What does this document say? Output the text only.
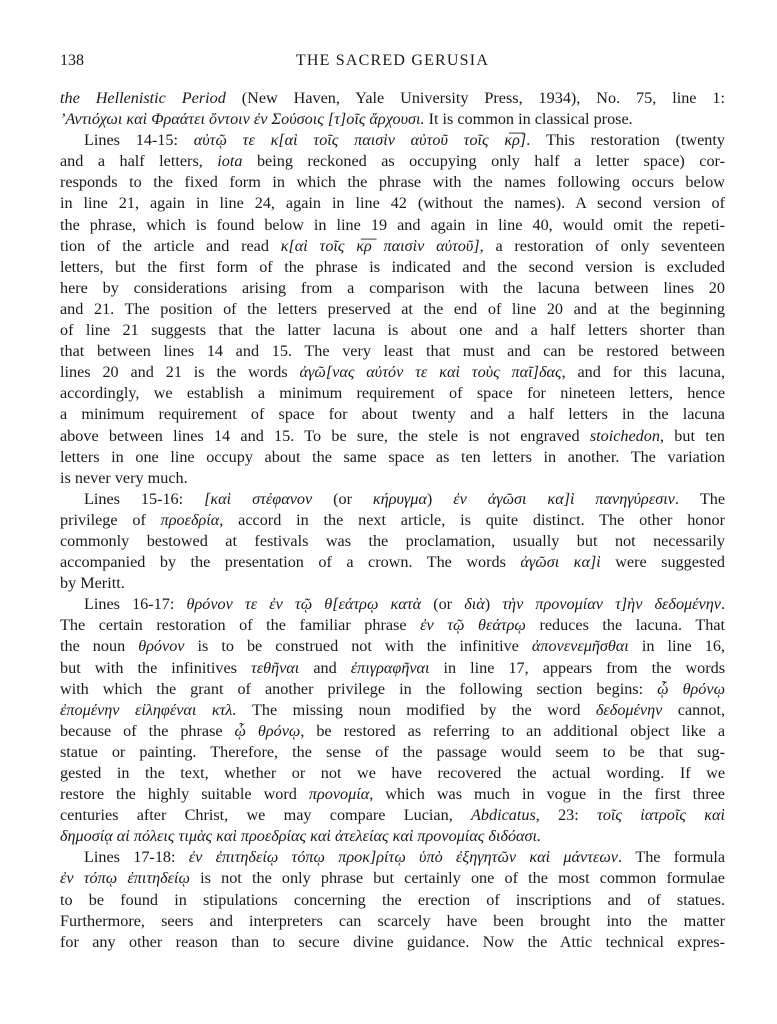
138	THE SACRED GERUSIA
the Hellenistic Period (New Haven, Yale University Press, 1934), No. 75, line 1:
ʼΑντιόχωι καὶ Φραάτει ὄντοιν ἐν Σούσοις [τ]οῖς ἄρχουσι. It is common in classical prose.
Lines 14-15: αὐτῷ τε κ[αὶ τοῖς παισὶν αὐτοῦ τοῖς κ̅ρ̅]. This restoration (twenty
and a half letters, iota being reckoned as occupying only half a letter space) cor-
responds to the fixed form in which the phrase with the names following occurs below
in line 21, again in line 24, again in line 42 (without the names). A second version of
the phrase, which is found below in line 19 and again in line 40, would omit the repeti-
tion of the article and read κ[αὶ τοῖς κ̅ρ̅ παισὶν αὐτοῦ], a restoration of only seventeen
letters, but the first form of the phrase is indicated and the second version is excluded
here by considerations arising from a comparison with the lacuna between lines 20
and 21. The position of the letters preserved at the end of line 20 and at the beginning
of line 21 suggests that the latter lacuna is about one and a half letters shorter than
that between lines 14 and 15. The very least that must and can be restored between
lines 20 and 21 is the words ἀγῶ[νας αὐτόν τε καὶ τοὺς παῖ]δας, and for this lacuna,
accordingly, we establish a minimum requirement of space for nineteen letters, hence
a minimum requirement of space for about twenty and a half letters in the lacuna
above between lines 14 and 15. To be sure, the stele is not engraved stoichedon, but ten
letters in one line occupy about the same space as ten letters in another. The variation
is never very much.
Lines 15-16: [καὶ στέφανον (or κήρυγμα) ἐν ἀγῶσι κα]ὶ πανηγύρεσιν. The
privilege of προεδρία, accord in the next article, is quite distinct. The other honor
commonly bestowed at festivals was the proclamation, usually but not necessarily
accompanied by the presentation of a crown. The words ἀγῶσι κα]ὶ were suggested
by Meritt.
Lines 16-17: θρόνον τε ἐν τῷ θ[εάτρῳ κατὰ (or διὰ) τὴν προνομίαν τ]ὴν δεδομένην.
The certain restoration of the familiar phrase ἐν τῷ θεάτρῳ reduces the lacuna. That
the noun θρόνον is to be construed not with the infinitive ἀπονενεμῆσθαι in line 16,
but with the infinitives τεθῆναι and ἐπιγραφῆναι in line 17, appears from the words
with which the grant of another privilege in the following section begins: ᾧ θρόνῳ
ἐπομένην εἰληφέναι κτλ. The missing noun modified by the word δεδομένην cannot,
because of the phrase ᾧ θρόνῳ, be restored as referring to an additional object like a
statue or painting. Therefore, the sense of the passage would seem to be that sug-
gested in the text, whether or not we have recovered the actual wording. If we
restore the highly suitable word προνομία, which was much in vogue in the first three
centuries after Christ, we may compare Lucian, Abdicatus, 23: τοῖς ἰατροῖς καὶ
δημοσίᾳ αἱ πόλεις τιμὰς καὶ προεδρίας καὶ ἀτελείας καὶ προνομίας διδόασι.
Lines 17-18: ἐν ἐπιτηδείῳ τόπῳ προκ]ρίτῳ ὑπὸ ἐξηγητῶν καὶ μάντεων. The formula
ἐν τόπῳ ἐπιτηδείῳ is not the only phrase but certainly one of the most common formulae
to be found in stipulations concerning the erection of inscriptions and of statues.
Furthermore, seers and interpreters can scarcely have been brought into the matter
for any other reason than to secure divine guidance. Now the Attic technical expres-
